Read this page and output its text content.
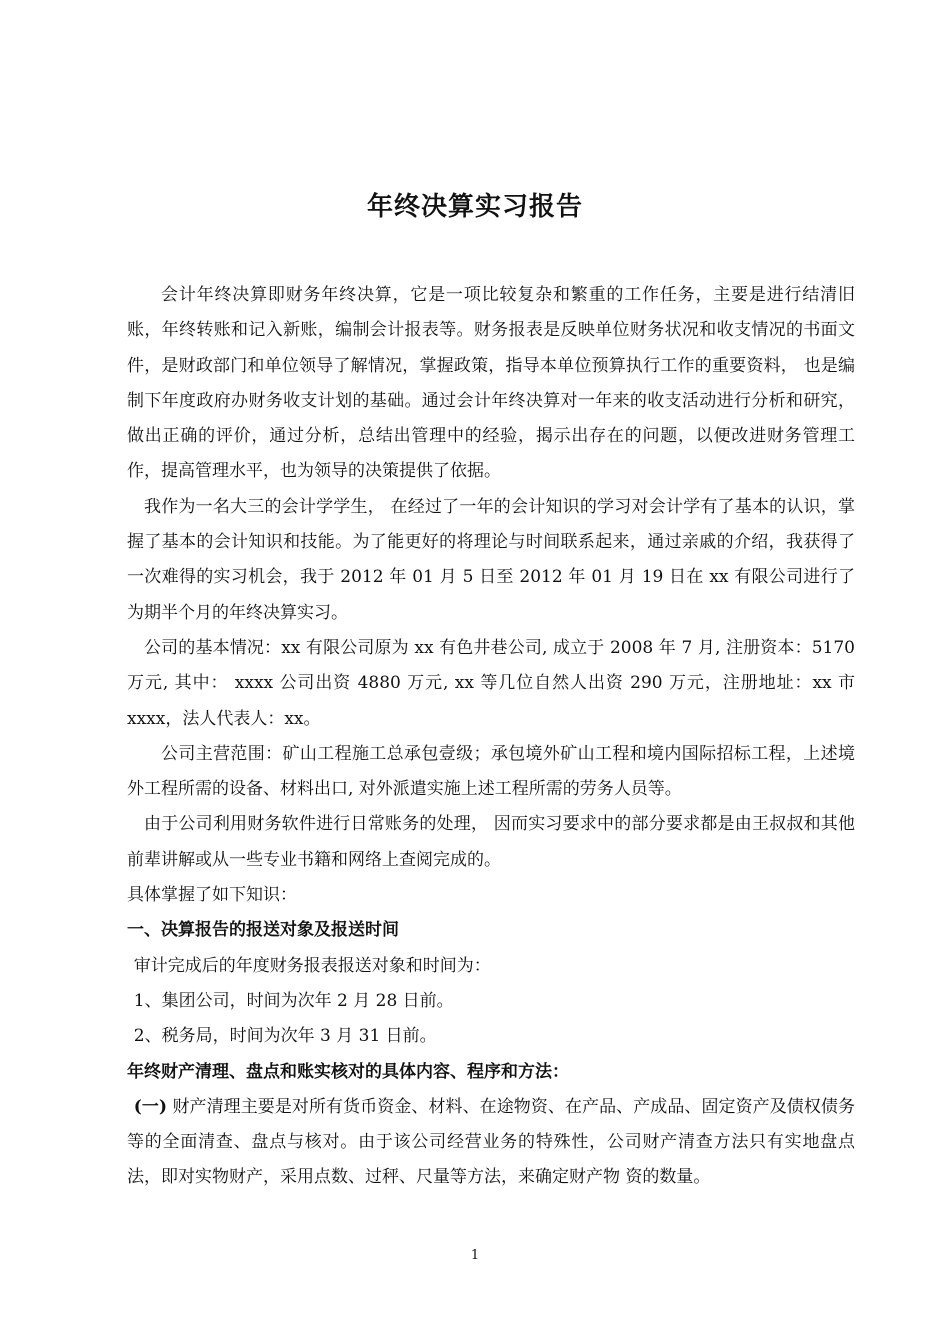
年终决算实习报告

会计年终决算即财务年终决算，它是一项比较复杂和繁重的工作任务，主要是进行结清旧账，年终转账和记入新账，编制会计报表等。财务报表是反映单位财务状况和收支情况的书面文件，是财政部门和单位领导了解情况，掌握政策，指导本单位预算执行工作的重要资料， 也是编制下年度政府办财务收支计划的基础。通过会计年终决算对一年来的收支活动进行分析和研究，做出正确的评价，通过分析，总结出管理中的经验，揭示出存在的问题，以便改进财务管理工作，提高管理水平，也为领导的决策提供了依据。

我作为一名大三的会计学学生， 在经过了一年的会计知识的学习对会计学有了基本的认识，掌握了基本的会计知识和技能。为了能更好的将理论与时间联系起来，通过亲戚的介绍，我获得了一次难得的实习机会，我于 2012 年 01 月 5 日至 2012 年 01 月 19 日在 xx 有限公司进行了为期半个月的年终决算实习。

公司的基本情况：xx 有限公司原为 xx 有色井巷公司, 成立于 2008 年 7 月, 注册资本：5170 万元, 其中： xxxx 公司出资 4880 万元, xx 等几位自然人出资 290 万元，注册地址：xx 市 xxxx，法人代表人：xx。

公司主营范围：矿山工程施工总承包壹级；承包境外矿山工程和境内国际招标工程，上述境外工程所需的设备、材料出口, 对外派遣实施上述工程所需的劳务人员等。

由于公司利用财务软件进行日常账务的处理， 因而实习要求中的部分要求都是由王叔叔和其他前辈讲解或从一些专业书籍和网络上查阅完成的。

具体掌握了如下知识：

一、决算报告的报送对象及报送时间

审计完成后的年度财务报表报送对象和时间为：

1、集团公司，时间为次年 2 月 28 日前。

2、税务局，时间为次年 3 月 31 日前。

年终财产清理、盘点和账实核对的具体内容、程序和方法：

(一) 财产清理主要是对所有货币资金、材料、在途物资、在产品、产成品、固定资产及债权债务等的全面清查、盘点与核对。由于该公司经营业务的特殊性，公司财产清查方法只有实地盘点法，即对实物财产，采用点数、过秤、尺量等方法，来确定财产物 资的数量。

1
